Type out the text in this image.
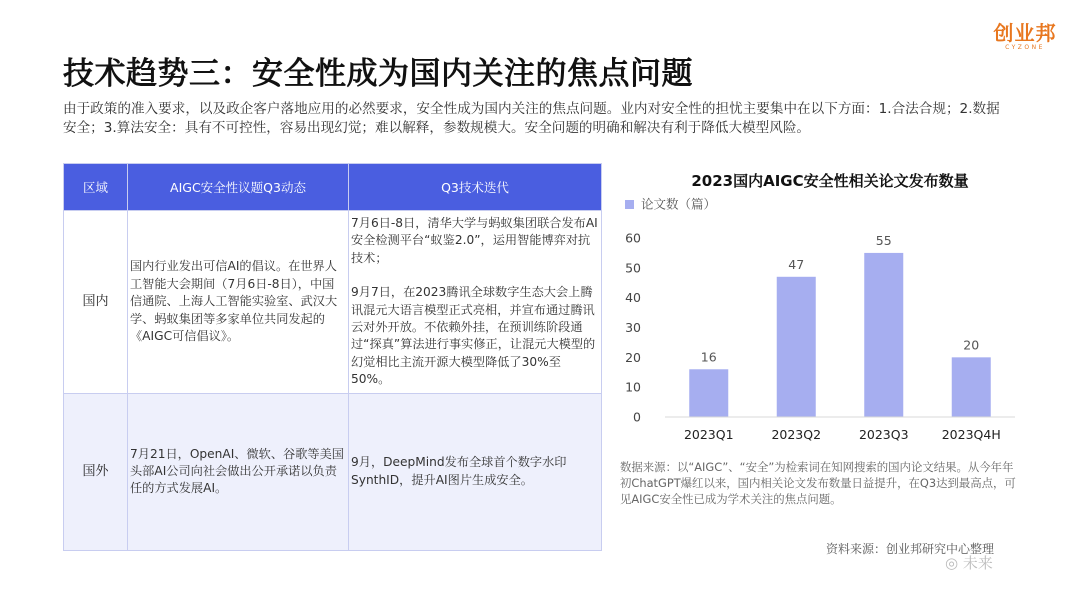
创业邦
CYZONE
技术趋势三：安全性成为国内关注的焦点问题
由于政策的准入要求，以及政企客户落地应用的必然要求，安全性成为国内关注的焦点问题。业内对安全性的担忧主要集中在以下方面：1.合法合规；2.数据安全；3.算法安全：具有不可控性，容易出现幻觉；难以解释，参数规模大。安全问题的明确和解决有利于降低大模型风险。
区域	AIGC安全性议题Q3动态	Q3技术迭代
国内	国内行业发出可信AI的倡议。在世界人工智能大会期间（7月6日-8日），中国信通院、上海人工智能实验室、武汉大学、蚂蚁集团等多家单位共同发起的《AIGC可信倡议》。	7月6日-8日，清华大学与蚂蚁集团联合发布AI安全检测平台“蚁鉴2.0”，运用智能博弈对抗技术；
9月7日，在2023腾讯全球数字生态大会上腾讯混元大语言模型正式亮相，并宣布通过腾讯云对外开放。不依赖外挂，在预训练阶段通过“探真”算法进行事实修正，让混元大模型的幻觉相比主流开源大模型降低了30%至50%。

国外	7月21日，OpenAI、微软、谷歌等美国头部AI公司向社会做出公开承诺以负责任的方式发展AI。	9月，DeepMind发布全球首个数字水印SynthID，提升AI图片生成安全。
2023国内AIGC安全性相关论文发布数量
论文数（篇）
0
10
20
30
40
50
60
16
47
55
20
2023Q1	2023Q2	2023Q3	2023Q4H
数据来源：以“AIGC”、“安全”为检索词在知网搜索的国内论文结果。从今年年初ChatGPT爆红以来，国内相关论文发布数量日益提升，在Q3达到最高点，可见AIGC安全性已成为学术关注的焦点问题。
资料来源：创业邦研究中心整理
◎ 未来
